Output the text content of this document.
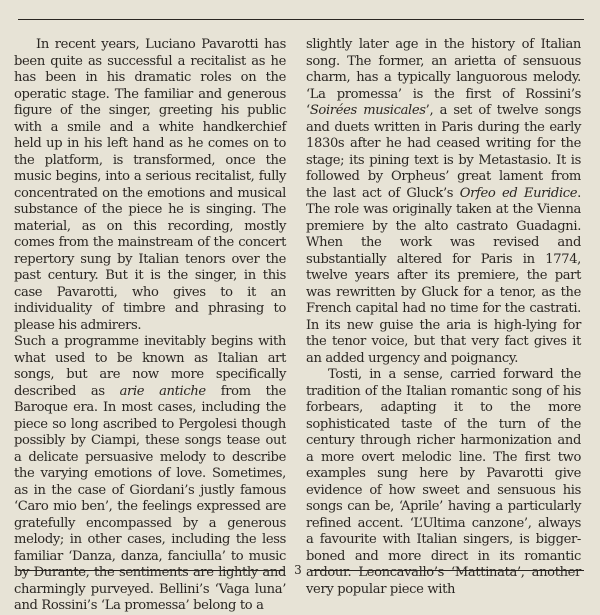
In recent years, Luciano Pavarotti has been quite as successful a recitalist as he has been in his dramatic roles on the operatic stage. The familiar and generous figure of the singer, greeting his public with a smile and a white handkerchief held up in his left hand as he comes on to the platform, is transformed, once the music begins, into a serious recitalist, fully concentrated on the emotions and musical substance of the piece he is singing. The material, as on this recording, mostly comes from the mainstream of the concert repertory sung by Italian tenors over the past century. But it is the singer, in this case Pavarotti, who gives to it an individuality of timbre and phrasing to please his admirers.

Such a programme inevitably begins with what used to be known as Italian art songs, but are now more specifically described as arie antiche from the Baroque era. In most cases, including the piece so long ascribed to Pergolesi though possibly by Ciampi, these songs tease out a delicate persuasive melody to describe the varying emotions of love. Sometimes, as in the case of Giordani’s justly famous ‘Caro mio ben’, the feelings expressed are gratefully encompassed by a generous melody; in other cases, including the less familiar ‘Danza, danza, fanciulla’ to music by Durante, the sentiments are lightly and charmingly purveyed. Bellini’s ‘Vaga luna’ and Rossini’s ‘La promessa’ belong to a

slightly later age in the history of Italian song. The former, an arietta of sensuous charm, has a typically languorous melody. ‘La promessa’ is the first of Rossini’s ‘Soirées musicales’, a set of twelve songs and duets written in Paris during the early 1830s after he had ceased writing for the stage; its pining text is by Metastasio. It is followed by Orpheus’ great lament from the last act of Gluck’s Orfeo ed Euridice. The role was originally taken at the Vienna premiere by the alto castrato Guadagni. When the work was revised and substantially altered for Paris in 1774, twelve years after its premiere, the part was rewritten by Gluck for a tenor, as the French capital had no time for the castrati. In its new guise the aria is high-lying for the tenor voice, but that very fact gives it an added urgency and poignancy.

Tosti, in a sense, carried forward the tradition of the Italian romantic song of his forbears, adapting it to the more sophisticated taste of the turn of the century through richer harmonization and a more overt melodic line. The first two examples sung here by Pavarotti give evidence of how sweet and sensuous his songs can be, ‘Aprile’ having a particularly refined accent. ‘L’Ultima canzone’, always a favourite with Italian singers, is bigger-boned and more direct in its romantic ardour. Leoncavallo’s ‘Mattinata’, another very popular piece with

3
